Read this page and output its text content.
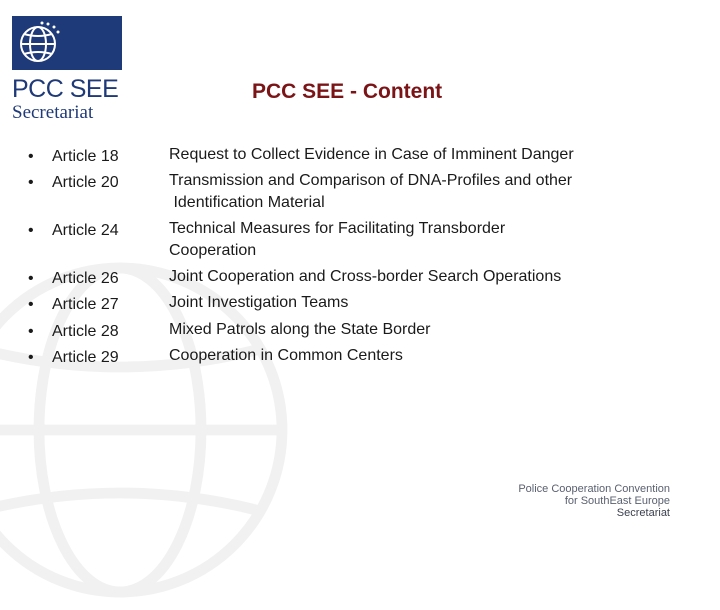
PCC SEE
Secretariat
PCC SEE - Content
• Article 18
• Article 20
• Article 24
• Article 26
• Article 27
• Article 28
• Article 29
Request to Collect Evidence in Case of Imminent Danger
Transmission and Comparison of DNA-Profiles and other
Identification Material
Technical Measures for Facilitating Transborder
Cooperation
Joint Cooperation and Cross-border Search Operations
Joint Investigation Teams
Mixed Patrols along the State Border
Cooperation in Common Centers
Police Cooperation Convention
for SouthEast Europe
Secretariat
